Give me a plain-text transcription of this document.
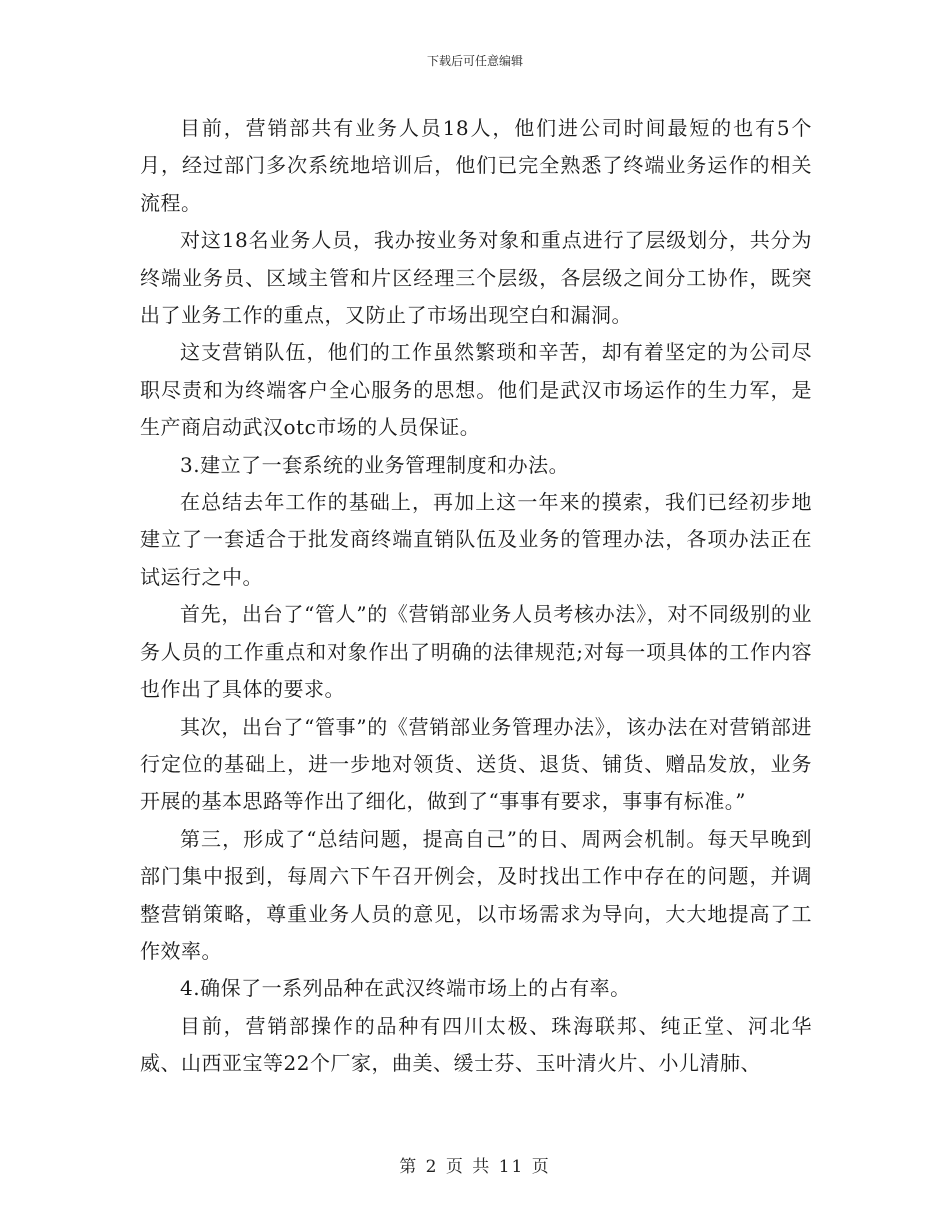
下载后可任意编辑

目前，营销部共有业务人员18人，他们进公司时间最短的也有5个月，经过部门多次系统地培训后，他们已完全熟悉了终端业务运作的相关流程。

对这18名业务人员，我办按业务对象和重点进行了层级划分，共分为终端业务员、区域主管和片区经理三个层级，各层级之间分工协作，既突出了业务工作的重点，又防止了市场出现空白和漏洞。

这支营销队伍，他们的工作虽然繁琐和辛苦，却有着坚定的为公司尽职尽责和为终端客户全心服务的思想。他们是武汉市场运作的生力军，是生产商启动武汉otc市场的人员保证。

3.建立了一套系统的业务管理制度和办法。

在总结去年工作的基础上，再加上这一年来的摸索，我们已经初步地建立了一套适合于批发商终端直销队伍及业务的管理办法，各项办法正在试运行之中。

首先，出台了“管人”的《营销部业务人员考核办法》，对不同级别的业务人员的工作重点和对象作出了明确的法律规范;对每一项具体的工作内容也作出了具体的要求。

其次，出台了“管事”的《营销部业务管理办法》，该办法在对营销部进行定位的基础上，进一步地对领货、送货、退货、铺货、赠品发放，业务开展的基本思路等作出了细化，做到了“事事有要求，事事有标准。”

第三，形成了“总结问题，提高自己”的日、周两会机制。每天早晚到部门集中报到，每周六下午召开例会，及时找出工作中存在的问题，并调整营销策略，尊重业务人员的意见，以市场需求为导向，大大地提高了工作效率。

4.确保了一系列品种在武汉终端市场上的占有率。

目前，营销部操作的品种有四川太极、珠海联邦、纯正堂、河北华威、山西亚宝等22个厂家，曲美、缓士芬、玉叶清火片、小儿清肺、

第 2 页 共 11 页
